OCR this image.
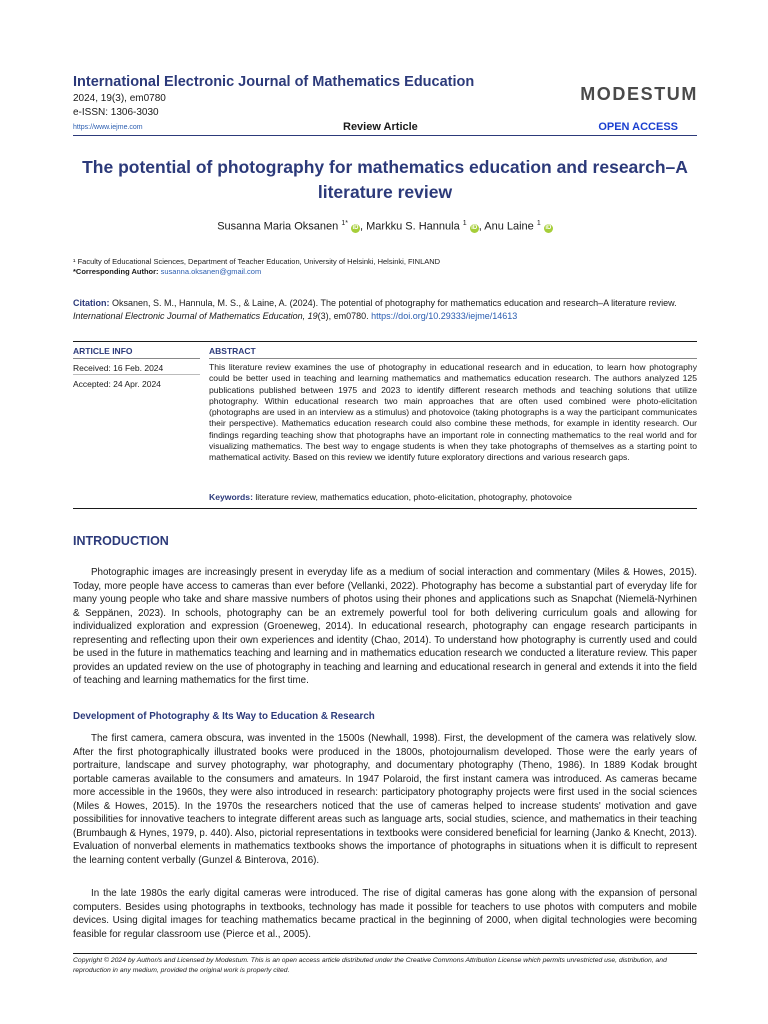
International Electronic Journal of Mathematics Education
2024, 19(3), em0780
e-ISSN: 1306-3030
https://www.iejme.com
MODESTUM
Review Article	OPEN ACCESS
The potential of photography for mathematics education and research–A literature review
Susanna Maria Oksanen $^{1*}$ iD , Markku S. Hannula $^1$ iD , Anu Laine $^1$ iD
¹ Faculty of Educational Sciences, Department of Teacher Education, University of Helsinki, Helsinki, FINLAND
*Corresponding Author: susanna.oksanen@gmail.com
Citation: Oksanen, S. M., Hannula, M. S., & Laine, A. (2024). The potential of photography for mathematics education and research–A literature review. International Electronic Journal of Mathematics Education, 19(3), em0780. https://doi.org/10.29333/iejme/14613
ARTICLE INFO	ABSTRACT
Received: 16 Feb. 2024
Accepted: 24 Apr. 2024
This literature review examines the use of photography in educational research and in education, to learn how photography could be better used in teaching and learning mathematics and mathematics education research. The authors analyzed 125 publications published between 1975 and 2023 to identify different research methods and teaching solutions that utilize photography. Within educational research two main approaches that are often used combined were photo-elicitation (photographs are used in an interview as a stimulus) and photovoice (taking photographs is a way the participant communicates their perspective). Mathematics education research could also combine these methods, for example in identity research. Our findings regarding teaching show that photographs have an important role in connecting mathematics to the real world and for visualizing mathematics. The best way to engage students is when they take photographs of themselves as a starting point to mathematical activity. Based on this review we identify future exploratory directions and various research gaps.
Keywords: literature review, mathematics education, photo-elicitation, photography, photovoice
INTRODUCTION
Photographic images are increasingly present in everyday life as a medium of social interaction and commentary (Miles & Howes, 2015). Today, more people have access to cameras than ever before (Vellanki, 2022). Photography has become a substantial part of everyday life for many young people who take and share massive numbers of photos using their phones and applications such as Snapchat (Niemelä-Nyrhinen & Seppänen, 2023). In schools, photography can be an extremely powerful tool for both delivering curriculum goals and allowing for individualized exploration and expression (Groeneweg, 2014). In educational research, photography can engage research participants in representing and reflecting upon their own experiences and identity (Chao, 2014). To understand how photography is currently used and could be used in the future in mathematics teaching and learning and in mathematics education research we conducted a literature review. This paper provides an updated review on the use of photography in teaching and learning and educational research in general and extends it into the field of teaching and learning mathematics for the first time.
Development of Photography & Its Way to Education & Research
The first camera, camera obscura, was invented in the 1500s (Newhall, 1998). First, the development of the camera was relatively slow. After the first photographically illustrated books were produced in the 1800s, photojournalism developed. Those were the early years of portraiture, landscape and survey photography, war photography, and documentary photography (Theno, 1986). In 1889 Kodak brought portable cameras available to the consumers and amateurs. In 1947 Polaroid, the first instant camera was introduced. As cameras became more accessible in the 1960s, they were also introduced in research: participatory photography projects were first used in the social sciences (Miles & Howes, 2015). In the 1970s the researchers noticed that the use of cameras helped to increase students' motivation and gave possibilities for innovative teachers to integrate different areas such as language arts, social studies, science, and mathematics in their teaching (Brumbaugh & Hynes, 1979, p. 440). Also, pictorial representations in textbooks were considered beneficial for learning (Janko & Knecht, 2013). Evaluation of nonverbal elements in mathematics textbooks shows the importance of photographs in situations when it is difficult to represent the learning content verbally (Gunzel & Binterova, 2016).
In the late 1980s the early digital cameras were introduced. The rise of digital cameras has gone along with the expansion of personal computers. Besides using photographs in textbooks, technology has made it possible for teachers to use photos with computers and mobile devices. Using digital images for teaching mathematics became practical in the beginning of 2000, when digital technologies were becoming feasible for regular classroom use (Pierce et al., 2005).
Copyright © 2024 by Author/s and Licensed by Modestum. This is an open access article distributed under the Creative Commons Attribution License which permits unrestricted use, distribution, and reproduction in any medium, provided the original work is properly cited.
